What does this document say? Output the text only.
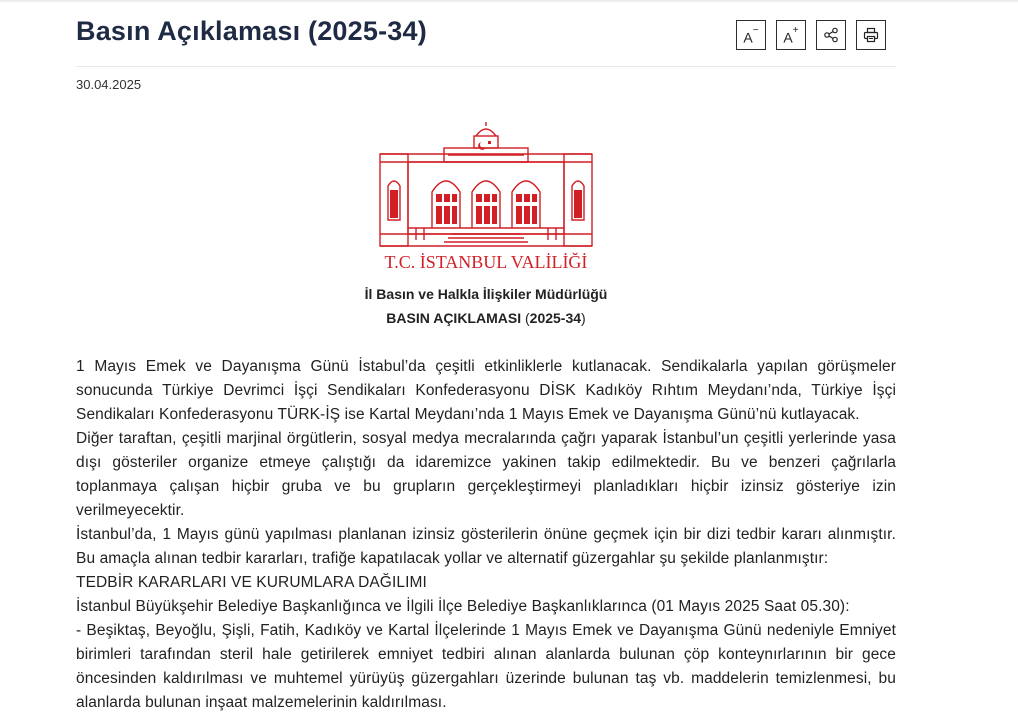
Basın Açıklaması (2025-34)	A− A+
30.04.2025
T.C. İSTANBUL VALİLİĞİ
İl Basın ve Halkla İlişkiler Müdürlüğü
BASIN AÇIKLAMASI (2025-34)

1 Mayıs Emek ve Dayanışma Günü İstabul’da çeşitli etkinliklerle kutlanacak. Sendikalarla yapılan görüşmeler sonucunda Türkiye Devrimci İşçi Sendikaları Konfederasyonu DİSK Kadıköy Rıhtım Meydanı’nda, Türkiye İşçi Sendikaları Konfederasyonu TÜRK-İŞ ise Kartal Meydanı’nda 1 Mayıs Emek ve Dayanışma Günü’nü kutlayacak.

Diğer taraftan, çeşitli marjinal örgütlerin, sosyal medya mecralarında çağrı yaparak İstanbul’un çeşitli yerlerinde yasa dışı gösteriler organize etmeye çalıştığı da idaremizce yakinen takip edilmektedir. Bu ve benzeri çağrılarla toplanmaya çalışan hiçbir gruba ve bu grupların gerçekleştirmeyi planladıkları hiçbir izinsiz gösteriye izin verilmeyecektir.

İstanbul’da, 1 Mayıs günü yapılması planlanan izinsiz gösterilerin önüne geçmek için bir dizi tedbir kararı alınmıştır. Bu amaçla alınan tedbir kararları, trafiğe kapatılacak yollar ve alternatif güzergahlar şu şekilde planlanmıştır:

TEDBİR KARARLARI VE KURUMLARA DAĞILIMI

İstanbul Büyükşehir Belediye Başkanlığınca ve İlgili İlçe Belediye Başkanlıklarınca (01 Mayıs 2025 Saat 05.30):

- Beşiktaş, Beyoğlu, Şişli, Fatih, Kadıköy ve Kartal İlçelerinde 1 Mayıs Emek ve Dayanışma Günü nedeniyle Emniyet birimleri tarafından steril hale getirilerek emniyet tedbiri alınan alanlarda bulunan çöp konteynırlarının bir gece öncesinden kaldırılması ve muhtemel yürüyüş güzergahları üzerinde bulunan taş vb. maddelerin temizlenmesi, bu alanlarda bulunan inşaat malzemelerinin kaldırılması.
